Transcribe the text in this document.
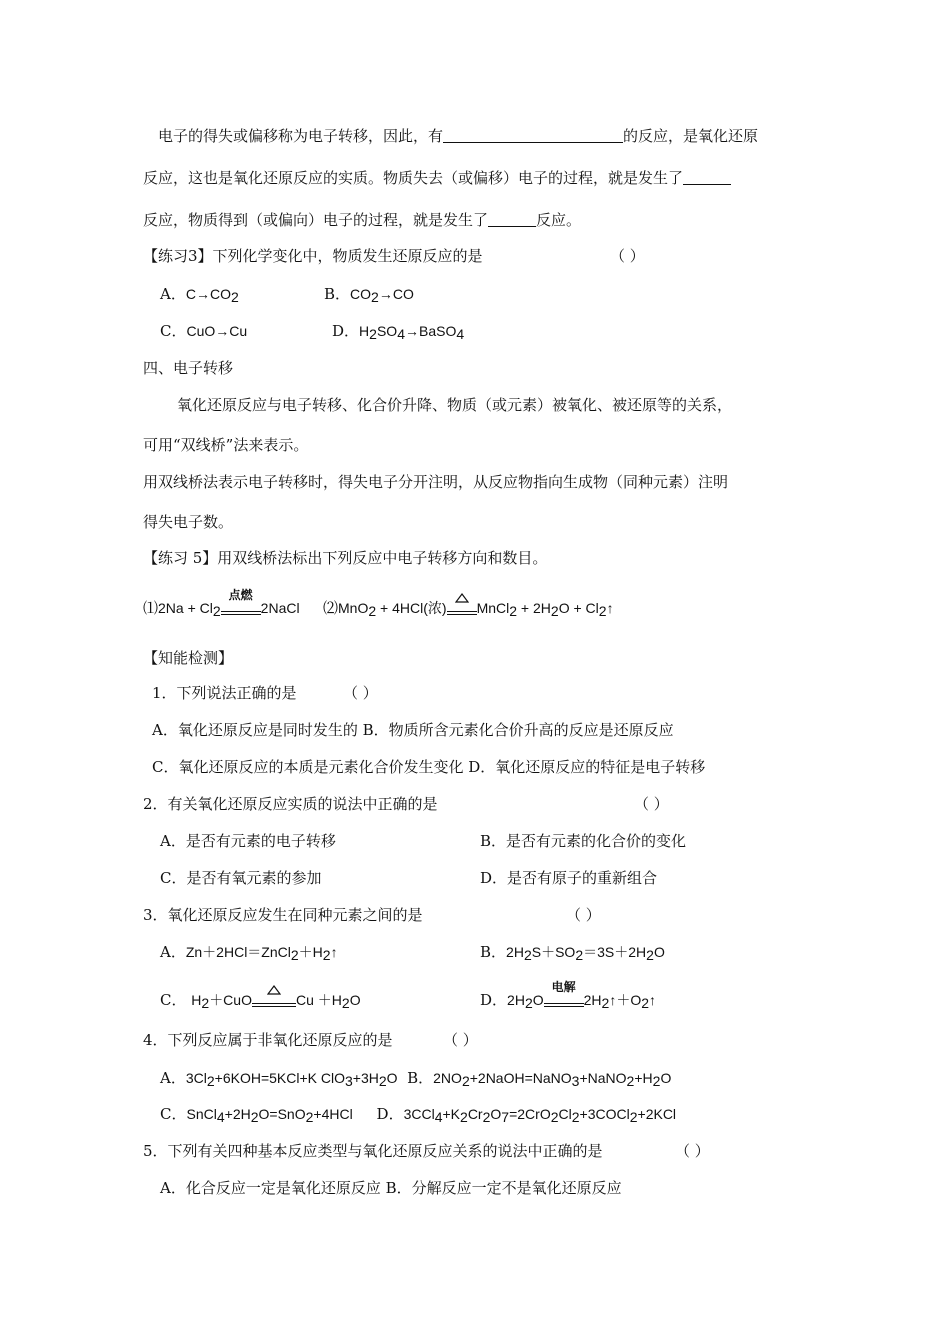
电子的得失或偏移称为电子转移，因此，有	的反应，是氧化还原
反应，这也是氧化还原反应的实质。物质失去（或偏移）电子的过程，就是发生了
反应，物质得到（或偏向）电子的过程，就是发生了	反应。
【练习3】下列化学变化中，物质发生还原反应的是	（ ）
A．$C\to CO_2$	B．$CO_2\to CO$
C．CuO→Cu	D．$H_2SO_4\to BaSO_4$
四、电子转移
氧化还原反应与电子转移、化合价升降、物质（或元素）被氧化、被还原等的关系，
可用“双线桥”法来表示。
用双线桥法表示电子转移时，得失电子分开注明，从反应物指向生成物（同种元素）注明
得失电子数。
【练习 5】用双线桥法标出下列反应中电子转移方向和数目。
⑴2Na + $Cl_2$
点燃
2NaCl ⑵MnO$_2$ + 4HCl(浓) MnCl$_2$ + $2H_2O$ + $Cl_2↑$
【知能检测】
1．下列说法正确的是	（ ）
A．氧化还原反应是同时发生的 B．物质所含元素化合价升高的反应是还原反应
C．氧化还原反应的本质是元素化合价发生变化 D．氧化还原反应的特征是电子转移
2．有关氧化还原反应实质的说法中正确的是	（ ）
A．是否有元素的电子转移	B．是否有元素的化合价的变化
C．是否有氧元素的参加	D．是否有原子的重新组合
3．氧化还原反应发生在同种元素之间的是	（ ）
A．$Zn+2HCl=ZnCl_2+H_2↑$	B．$2H_2S+SO_2=3S+2H_2O$
C． $H_2+CuO$	$Cu +H_2O$	D．$2H_2O$
电解
$2H_2↑+O_2↑$
4．下列反应属于非氧化还原反应的是	（ ）
A．$3Cl_2+6KOH=5KCl+K$ $ClO_3+3H_2O$ B．$2NO_2+2NaOH=NaNO_3+NaNO_2+H_2O$
C．$SnCl_4+2H_2O=SnO_2+4HCl$ D．$3CCl_4+K_2Cr_2O_7=2CrO_2Cl_2+3COCl_2+2KCl$
5．下列有关四种基本反应类型与氧化还原反应关系的说法中正确的是	（ ）
A．化合反应一定是氧化还原反应 B．分解反应一定不是氧化还原反应
